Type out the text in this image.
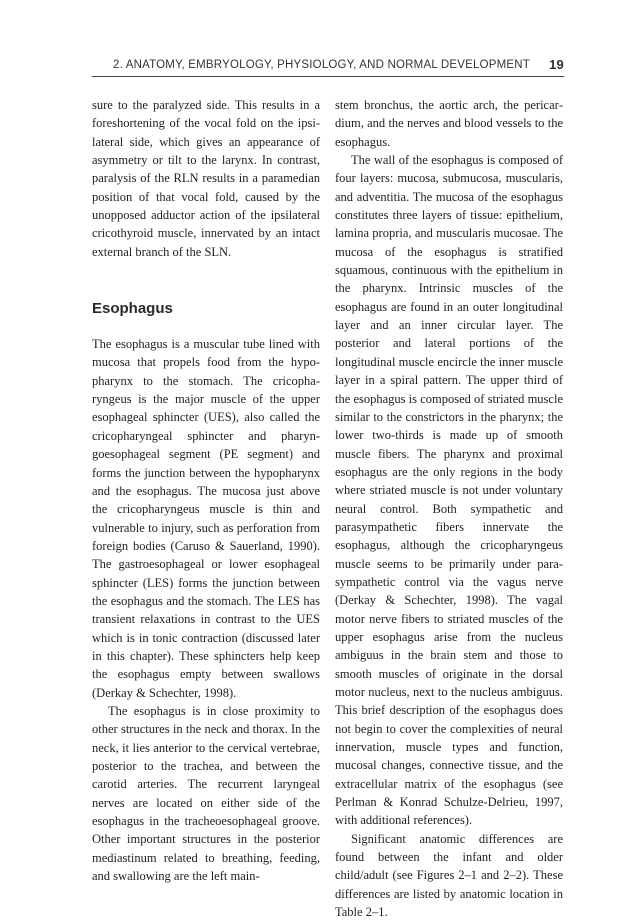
2. ANATOMY, EMBRYOLOGY, PHYSIOLOGY, AND NORMAL DEVELOPMENT 19

sure to the paralyzed side. This results in a foreshortening of the vocal fold on the ipsilateral side, which gives an appearance of asymmetry or tilt to the larynx. In contrast, paralysis of the RLN results in a paramedian position of that vocal fold, caused by the unopposed adductor action of the ipsilateral cricothyroid muscle, innervated by an intact external branch of the SLN.

Esophagus

The esophagus is a muscular tube lined with mucosa that propels food from the hypopharynx to the stomach. The cricopharyngeus is the major muscle of the upper esophageal sphincter (UES), also called the cricopharyngeal sphincter and pharyngoesophageal segment (PE segment) and forms the junction between the hypopharynx and the esophagus. The mucosa just above the cricopharyngeus muscle is thin and vulnerable to injury, such as perforation from foreign bodies (Caruso & Sauerland, 1990). The gastroesophageal or lower esophageal sphincter (LES) forms the junction between the esophagus and the stomach. The LES has transient relaxations in contrast to the UES which is in tonic contraction (discussed later in this chapter). These sphincters help keep the esophagus empty between swallows (Derkay & Schechter, 1998).

The esophagus is in close proximity to other structures in the neck and thorax. In the neck, it lies anterior to the cervical vertebrae, posterior to the trachea, and between the carotid arteries. The recurrent laryngeal nerves are located on either side of the esophagus in the tracheoesophageal groove. Other important structures in the posterior mediastinum related to breathing, feeding, and swallowing are the left main-

stem bronchus, the aortic arch, the pericardium, and the nerves and blood vessels to the esophagus.

The wall of the esophagus is composed of four layers: mucosa, submucosa, muscularis, and adventitia. The mucosa of the esophagus constitutes three layers of tissue: epithelium, lamina propria, and muscularis mucosae. The mucosa of the esophagus is stratified squamous, continuous with the epithelium in the pharynx. Intrinsic muscles of the esophagus are found in an outer longitudinal layer and an inner circular layer. The posterior and lateral portions of the longitudinal muscle encircle the inner muscle layer in a spiral pattern. The upper third of the esophagus is composed of striated muscle similar to the constrictors in the pharynx; the lower two-thirds is made up of smooth muscle fibers. The pharynx and proximal esophagus are the only regions in the body where striated muscle is not under voluntary neural control. Both sympathetic and parasympathetic fibers innervate the esophagus, although the cricopharyngeus muscle seems to be primarily under parasympathetic control via the vagus nerve (Derkay & Schechter, 1998). The vagal motor nerve fibers to striated muscles of the upper esophagus arise from the nucleus ambiguus in the brain stem and those to smooth muscles of originate in the dorsal motor nucleus, next to the nucleus ambiguus. This brief description of the esophagus does not begin to cover the complexities of neural innervation, muscle types and function, mucosal changes, connective tissue, and the extracellular matrix of the esophagus (see Perlman & Konrad Schulze-Delrieu, 1997, with additional references).

Significant anatomic differences are found between the infant and older child/adult (see Figures 2–1 and 2–2). These differences are listed by anatomic location in Table 2–1.
